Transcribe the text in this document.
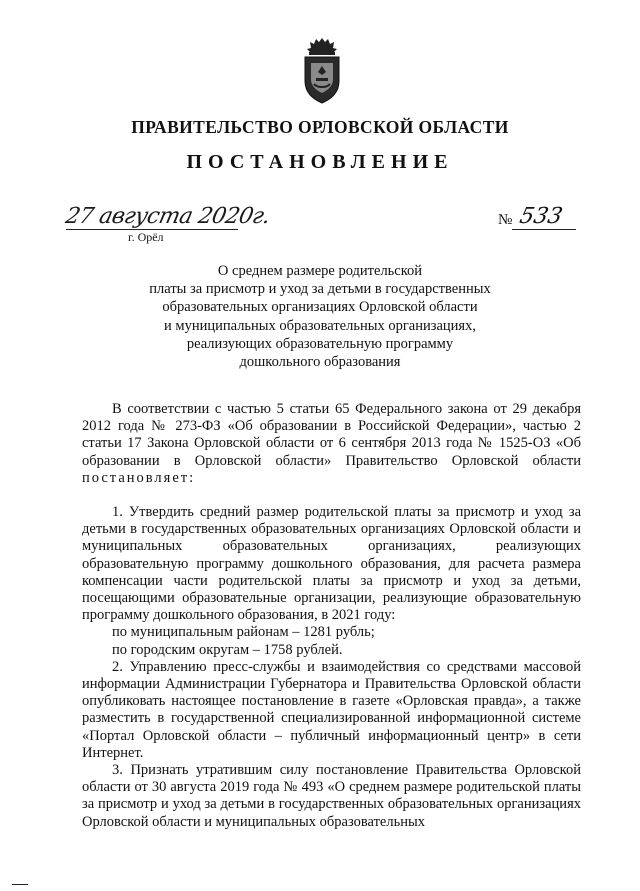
ПРАВИТЕЛЬСТВО ОРЛОВСКОЙ ОБЛАСТИ
ПОСТАНОВЛЕНИЕ
27 августа 2020г.
г. Орёл
№ 533
О среднем размере родительской
платы за присмотр и уход за детьми в государственных
образовательных организациях Орловской области
и муниципальных образовательных организациях,
реализующих образовательную программу
дошкольного образования

В соответствии с частью 5 статьи 65 Федерального закона от 29 декабря 2012 года № 273-ФЗ «Об образовании в Российской Федерации», частью 2 статьи 17 Закона Орловской области от 6 сентября 2013 года № 1525-ОЗ «Об образовании в Орловской области» Правительство Орловской области постановляет:

1. Утвердить средний размер родительской платы за присмотр и уход за детьми в государственных образовательных организациях Орловской области и муниципальных образовательных организациях, реализующих образовательную программу дошкольного образования, для расчета размера компенсации части родительской платы за присмотр и уход за детьми, посещающими образовательные организации, реализующие образовательную программу дошкольного образования, в 2021 году:

по муниципальным районам – 1281 рубль;

по городским округам – 1758 рублей.

2. Управлению пресс-службы и взаимодействия со средствами массовой информации Администрации Губернатора и Правительства Орловской области опубликовать настоящее постановление в газете «Орловская правда», а также разместить в государственной специализированной информационной системе «Портал Орловской области – публичный информационный центр» в сети Интернет.

3. Признать утратившим силу постановление Правительства Орловской области от 30 августа 2019 года № 493 «О среднем размере родительской платы за присмотр и уход за детьми в государственных образовательных организациях Орловской области и муниципальных образовательных
